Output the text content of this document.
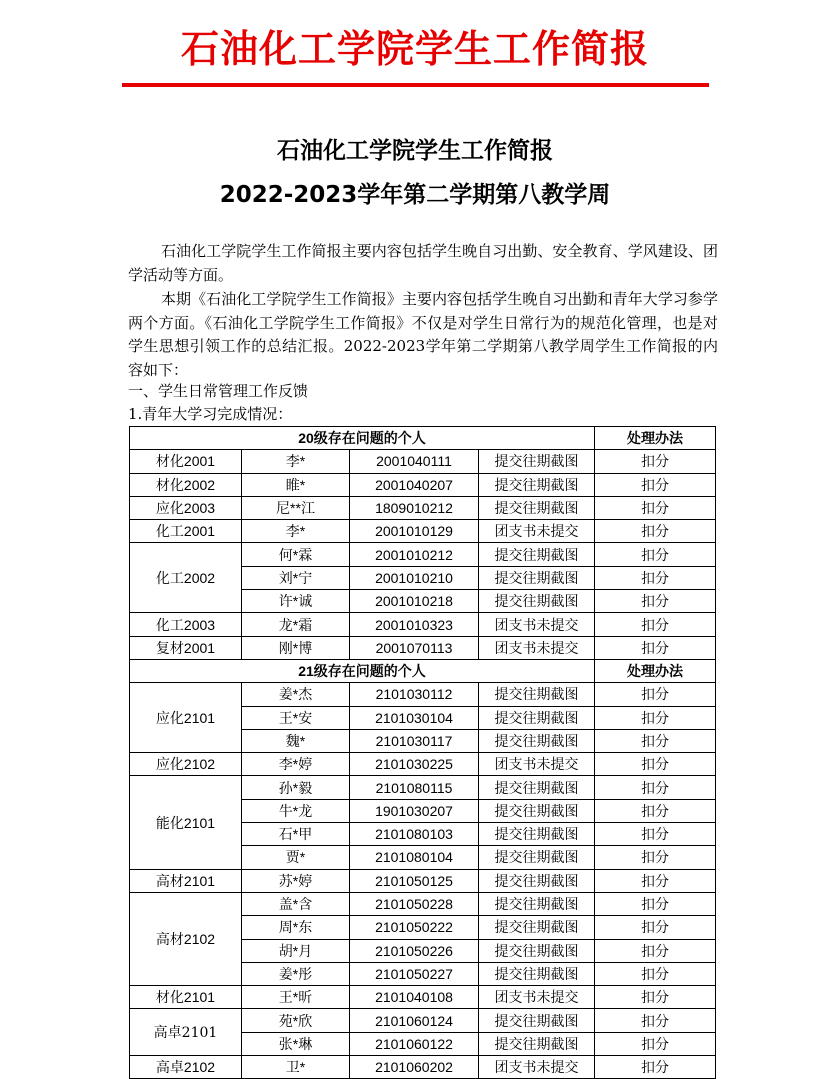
石油化工学院学生工作简报
石油化工学院学生工作简报
2022-2023学年第二学期第八教学周
石油化工学院学生工作简报主要内容包括学生晚自习出勤、安全教育、学风建设、团学活动等方面。
本期《石油化工学院学生工作简报》主要内容包括学生晚自习出勤和青年大学习参学两个方面。《石油化工学院学生工作简报》不仅是对学生日常行为的规范化管理，也是对学生思想引领工作的总结汇报。2022-2023学年第二学期第八教学周学生工作简报的内容如下：
一、学生日常管理工作反馈
1.青年大学习完成情况：
20级存在问题的个人				处理办法
材化2001	李*	2001040111	提交往期截图	扣分
材化2002	睢*	2001040207	提交往期截图	扣分
应化2003	尼**江	1809010212	提交往期截图	扣分
化工2001	李*	2001010129	团支书未提交	扣分
化工2002	何*霖	2001010212	提交往期截图	扣分
	刘*宁	2001010210	提交往期截图	扣分
	许*诚	2001010218	提交往期截图	扣分
化工2003	龙*霜	2001010323	团支书未提交	扣分
复材2001	刚*博	2001070113	团支书未提交	扣分
21级存在问题的个人				处理办法
应化2101	姜*杰	2101030112	提交往期截图	扣分
	王*安	2101030104	提交往期截图	扣分
	魏*	2101030117	提交往期截图	扣分
应化2102	李*婷	2101030225	团支书未提交	扣分
能化2101	孙*毅	2101080115	提交往期截图	扣分
	牛*龙	1901030207	提交往期截图	扣分
	石*甲	2101080103	提交往期截图	扣分
	贾*	2101080104	提交往期截图	扣分
高材2101	苏*婷	2101050125	提交往期截图	扣分
高材2102	盖*含	2101050228	提交往期截图	扣分
	周*东	2101050222	提交往期截图	扣分
	胡*月	2101050226	提交往期截图	扣分
	姜*彤	2101050227	提交往期截图	扣分
材化2101	王*昕	2101040108	团支书未提交	扣分
高卓2101	苑*欣	2101060124	提交往期截图	扣分
	张*琳	2101060122	提交往期截图	扣分
高卓2102	卫*	2101060202	团支书未提交	扣分
